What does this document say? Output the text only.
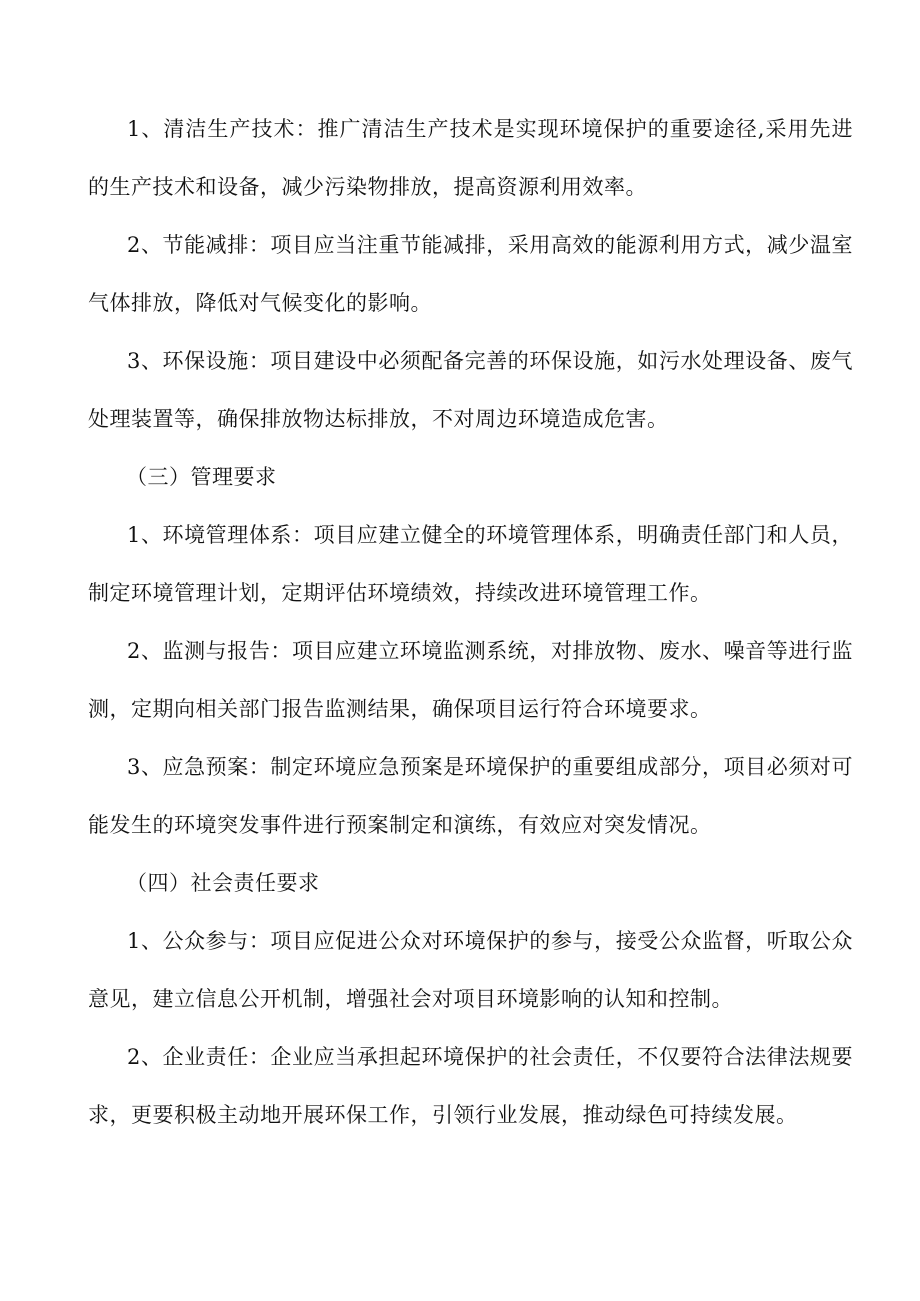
1、清洁生产技术：推广清洁生产技术是实现环境保护的重要途径,采用先进的生产技术和设备，减少污染物排放，提高资源利用效率。

2、节能减排：项目应当注重节能减排，采用高效的能源利用方式，减少温室气体排放，降低对气候变化的影响。

3、环保设施：项目建设中必须配备完善的环保设施，如污水处理设备、废气处理装置等，确保排放物达标排放，不对周边环境造成危害。

（三）管理要求

1、环境管理体系：项目应建立健全的环境管理体系，明确责任部门和人员，制定环境管理计划，定期评估环境绩效，持续改进环境管理工作。

2、监测与报告：项目应建立环境监测系统，对排放物、废水、噪音等进行监测，定期向相关部门报告监测结果，确保项目运行符合环境要求。

3、应急预案：制定环境应急预案是环境保护的重要组成部分，项目必须对可能发生的环境突发事件进行预案制定和演练，有效应对突发情况。

（四）社会责任要求

1、公众参与：项目应促进公众对环境保护的参与，接受公众监督，听取公众意见，建立信息公开机制，增强社会对项目环境影响的认知和控制。

2、企业责任：企业应当承担起环境保护的社会责任，不仅要符合法律法规要求，更要积极主动地开展环保工作，引领行业发展，推动绿色可持续发展。
